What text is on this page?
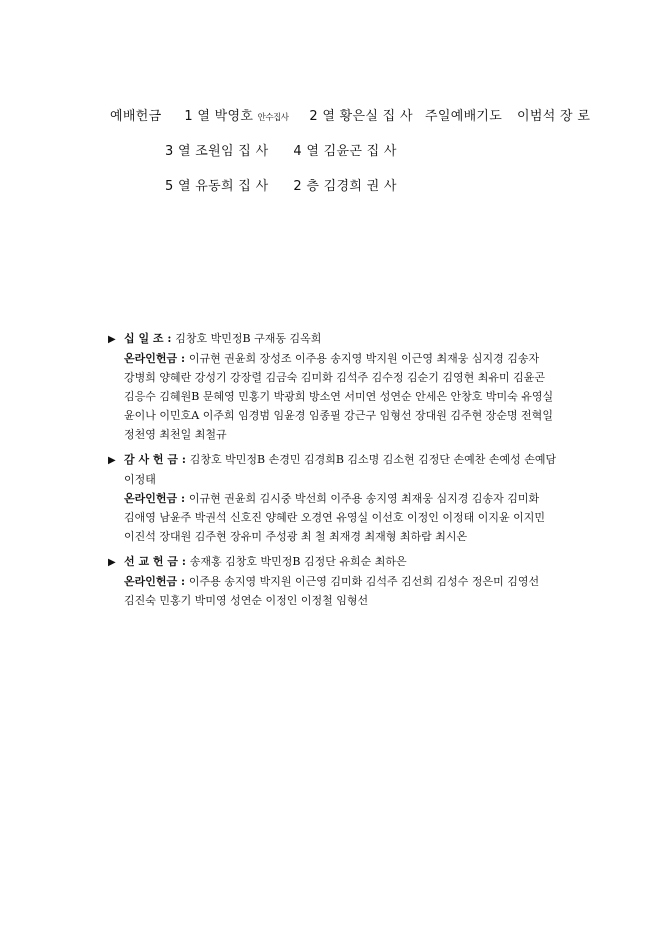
예배헌금 1 열 박영호 안수집사 2 열 황은실 집 사 주일예배기도 이범석 장 로
3 열 조원임 집 사 4 열 김윤곤 집 사
5 열 유동희 집 사 2 층 김경희 권 사
▶ 십 일 조 : 김창호 박민정B 구재동 김옥희
온라인헌금 : 이규현 권윤희 장성조 이주용 송지영 박지원 이근영 최재웅 심지경 김송자
강병희 양혜란 강성기 강장렬 김금숙 김미화 김석주 김수정 김순기 김영현 최유미 김윤곤
김응수 김혜원B 문혜영 민홍기 박광희 방소연 서미연 성연순 안세은 안창호 박미숙 유영실
윤이나 이민호A 이주희 임경범 임윤경 임종필 강근구 임형선 장대원 김주현 장순명 전혁일
정천영 최천일 최철규
▶ 감 사 헌 금 : 김창호 박민정B 손경민 김경희B 김소명 김소현 김정단 손예찬 손예성 손예담
이정태
온라인헌금 : 이규현 권윤희 김시중 박선희 이주용 송지영 최재웅 심지경 김송자 김미화
김애영 남윤주 박권석 신호진 양혜란 오경연 유영실 이선호 이정인 이정태 이지윤 이지민
이진석 장대원 김주현 장유미 주성광 최 철 최재경 최재형 최하람 최시온
▶ 선 교 헌 금 : 송재홍 김창호 박민정B 김정단 유희순 최하은
온라인헌금 : 이주용 송지영 박지원 이근영 김미화 김석주 김선희 김성수 정은미 김영선
김진숙 민홍기 박미영 성연순 이정인 이정철 임형선
